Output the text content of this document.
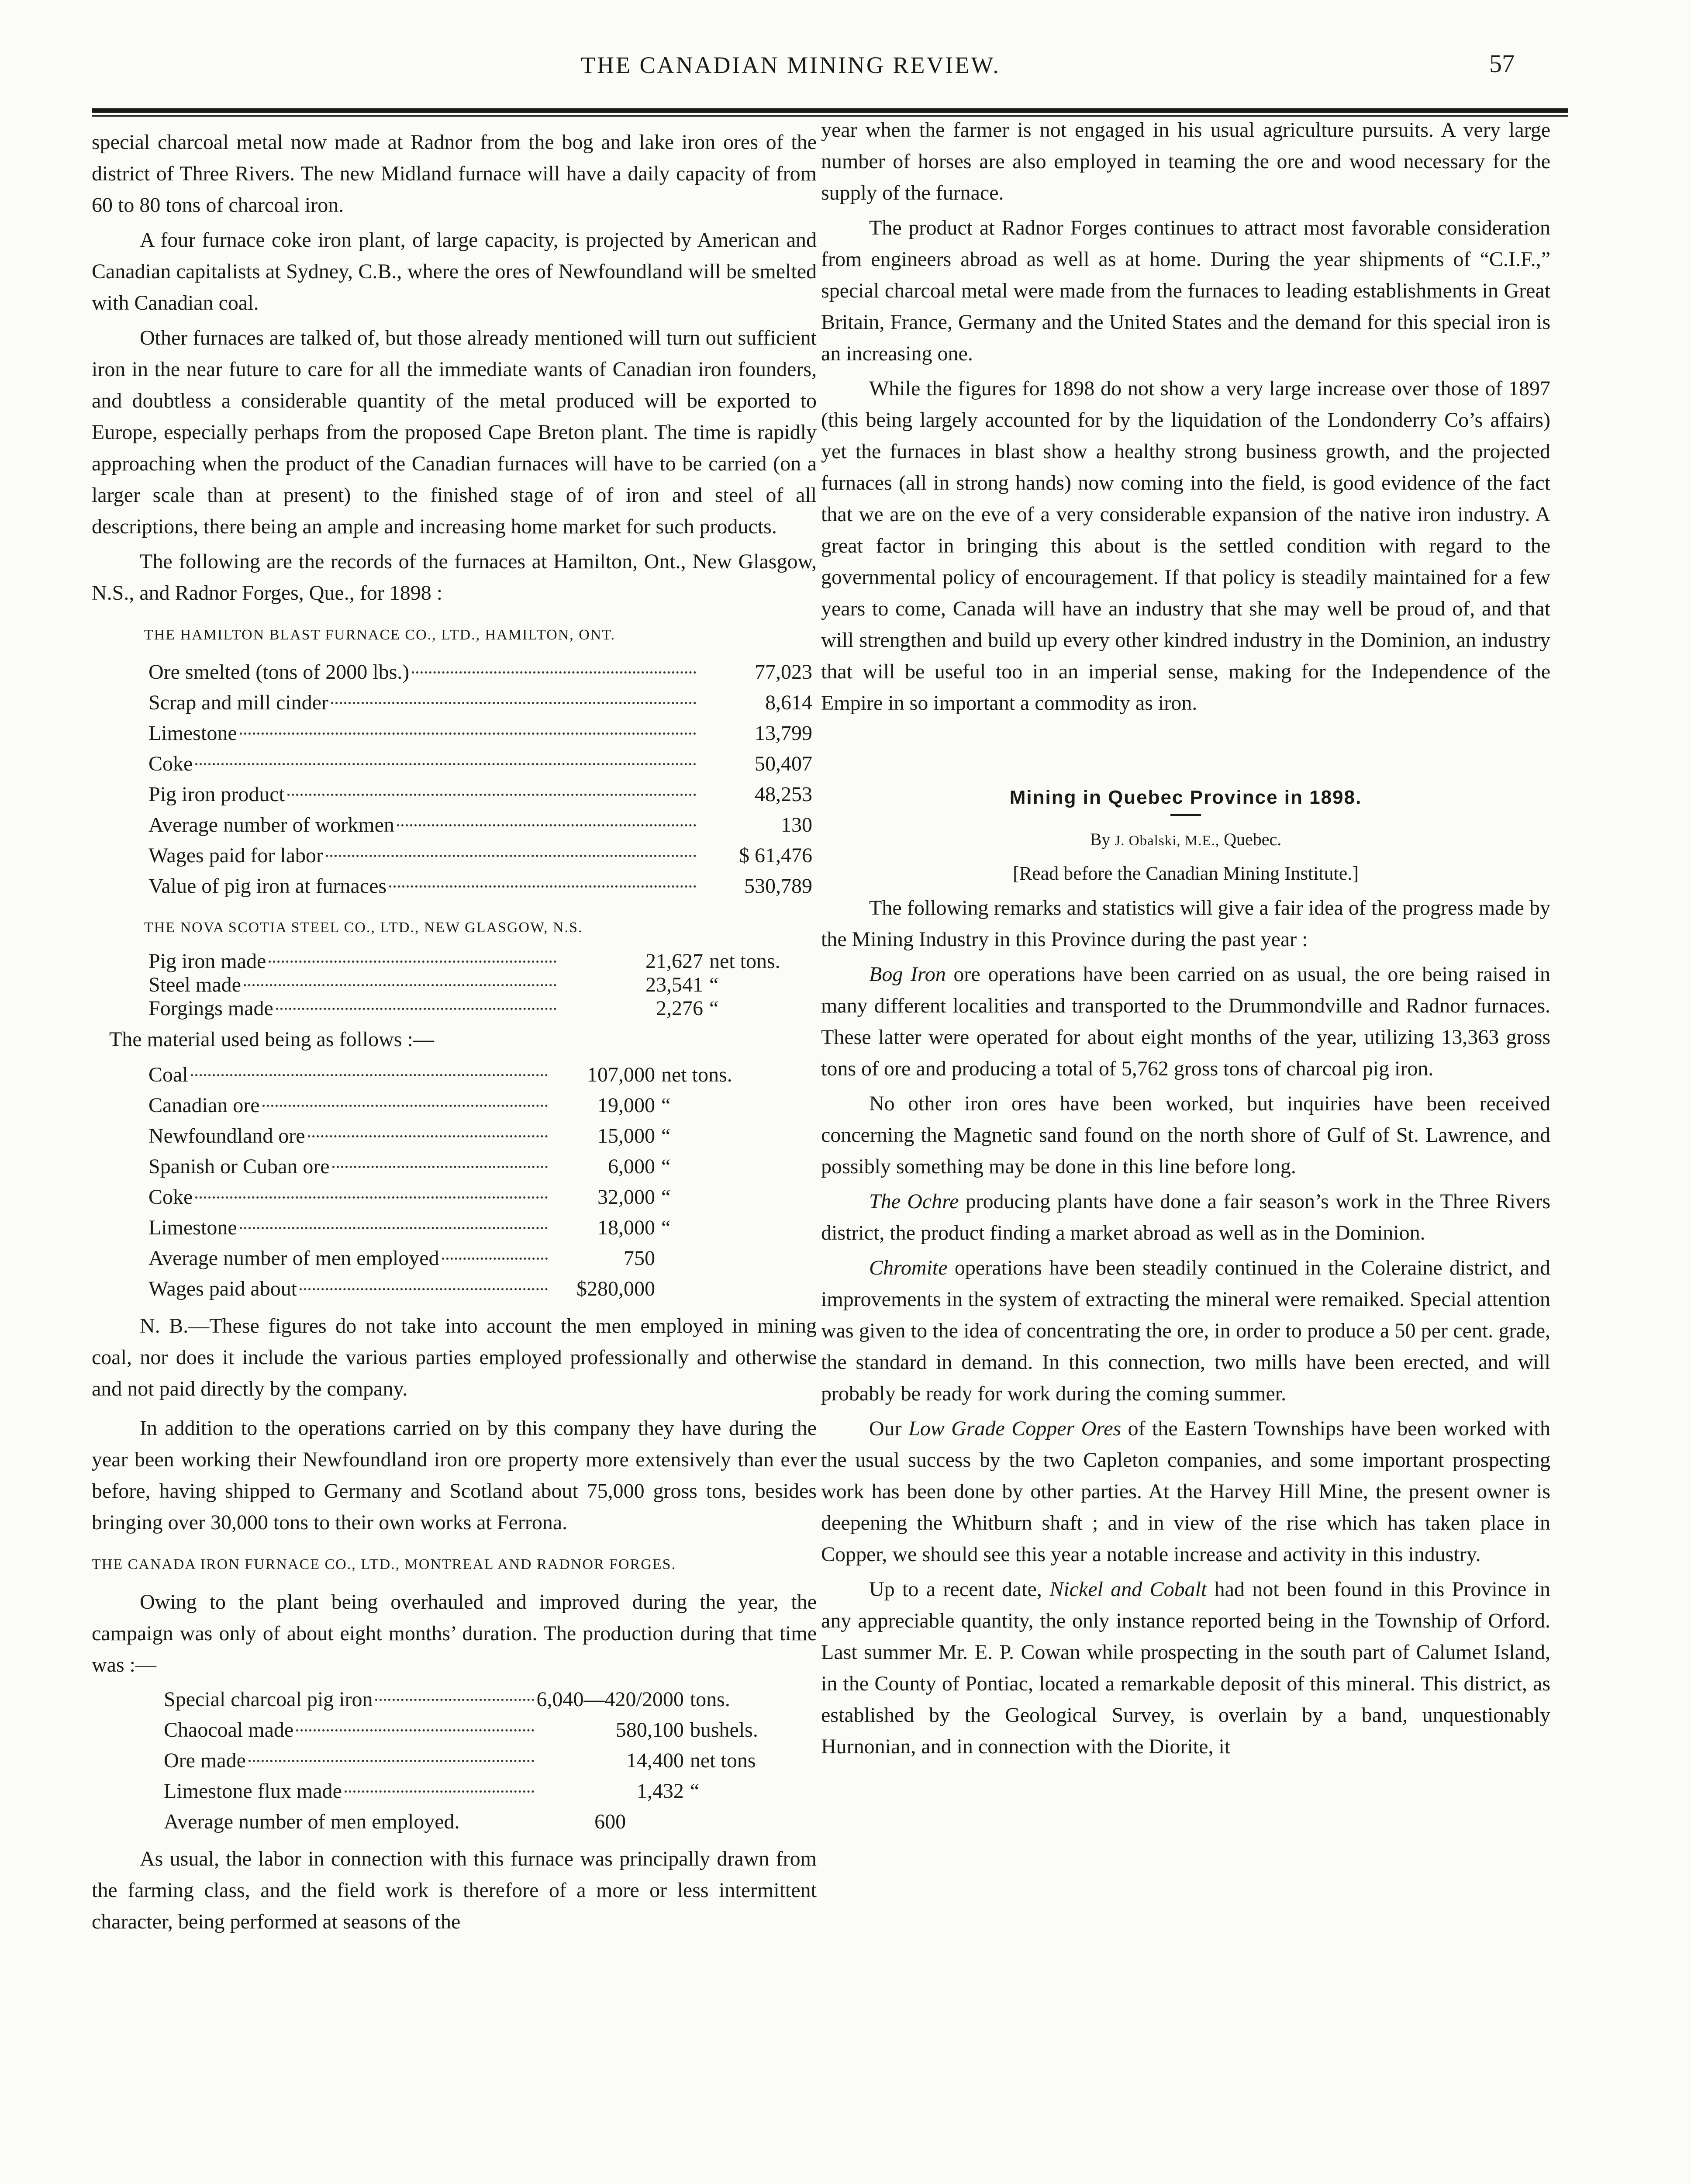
THE CANADIAN MINING REVIEW.	57

special charcoal metal now made at Radnor from the bog and lake iron ores of the district of Three Rivers. The new Midland furnace will have a daily capacity of from 60 to 80 tons of charcoal iron.

A four furnace coke iron plant, of large capacity, is projected by American and Canadian capitalists at Sydney, C.B., where the ores of Newfoundland will be smelted with Canadian coal.

Other furnaces are talked of, but those already mentioned will turn out sufficient iron in the near future to care for all the immediate wants of Canadian iron founders, and doubtless a considerable quantity of the metal produced will be exported to Europe, especially perhaps from the proposed Cape Breton plant. The time is rapidly approaching when the product of the Canadian furnaces will have to be carried (on a larger scale than at present) to the finished stage of of iron and steel of all descriptions, there being an ample and increasing home market for such products.

The following are the records of the furnaces at Hamilton, Ont., New Glasgow, N.S., and Radnor Forges, Que., for 1898 :

THE HAMILTON BLAST FURNACE CO., LTD., HAMILTON, ONT.
Ore smelted (tons of 2000 lbs.)	77,023

Scrap and mill cinder	8,614

Limestone	13,799

Coke	50,407

Pig iron product	48,253

Average number of workmen	130

Wages paid for labor	$ 61,476

Value of pig iron at furnaces	530,789
THE NOVA SCOTIA STEEL CO., LTD., NEW GLASGOW, N.S.
Pig iron made	21,627	net tons.

Steel made	23,541	“

Forgings made	2,276	“

The material used being as follows :—

Coal	107,000	net tons.

Canadian ore	19,000	“

Newfoundland ore	15,000	“

Spanish or Cuban ore	6,000	“

Coke	32,000	“

Limestone	18,000	“

Average number of men employed	750	

Wages paid about	$280,000	

N. B.—These figures do not take into account the men employed in mining coal, nor does it include the various parties employed professionally and otherwise and not paid directly by the company.

In addition to the operations carried on by this company they have during the year been working their Newfoundland iron ore property more extensively than ever before, having shipped to Germany and Scotland about 75,000 gross tons, besides bringing over 30,000 tons to their own works at Ferrona.

THE CANADA IRON FURNACE CO., LTD., MONTREAL AND RADNOR FORGES.

Owing to the plant being overhauled and improved during the year, the campaign was only of about eight months’ duration. The production during that time was :—

Special charcoal pig iron	6,040—420/2000	tons.

Chaocoal made	580,100	bushels.

Ore made	14,400	net tons

Limestone flux made	1,432	“

Average number of men employed.	600	

As usual, the labor in connection with this furnace was principally drawn from the farming class, and the field work is therefore of a more or less intermittent character, being performed at seasons of the

year when the farmer is not engaged in his usual agriculture pursuits. A very large number of horses are also employed in teaming the ore and wood necessary for the supply of the furnace.

The product at Radnor Forges continues to attract most favorable consideration from engineers abroad as well as at home. During the year shipments of “C.I.F.,” special charcoal metal were made from the furnaces to leading establishments in Great Britain, France, Germany and the United States and the demand for this special iron is an increasing one.

While the figures for 1898 do not show a very large increase over those of 1897 (this being largely accounted for by the liquidation of the Londonderry Co’s affairs) yet the furnaces in blast show a healthy strong business growth, and the projected furnaces (all in strong hands) now coming into the field, is good evidence of the fact that we are on the eve of a very considerable expansion of the native iron industry. A great factor in bringing this about is the settled condition with regard to the governmental policy of encouragement. If that policy is steadily maintained for a few years to come, Canada will have an industry that she may well be proud of, and that will strengthen and build up every other kindred industry in the Dominion, an industry that will be useful too in an imperial sense, making for the Independence of the Empire in so important a commodity as iron.

Mining in Quebec Province in 1898.
By J. Obalski, M.E., Quebec.
[Read before the Canadian Mining Institute.]

The following remarks and statistics will give a fair idea of the progress made by the Mining Industry in this Province during the past year :

Bog Iron ore operations have been carried on as usual, the ore being raised in many different localities and transported to the Drummondville and Radnor furnaces. These latter were operated for about eight months of the year, utilizing 13,363 gross tons of ore and producing a total of 5,762 gross tons of charcoal pig iron.

No other iron ores have been worked, but inquiries have been received concerning the Magnetic sand found on the north shore of Gulf of St. Lawrence, and possibly something may be done in this line before long.

The Ochre producing plants have done a fair season’s work in the Three Rivers district, the product finding a market abroad as well as in the Dominion.

Chromite operations have been steadily continued in the Coleraine district, and improvements in the system of extracting the mineral were remaiked. Special attention was given to the idea of concentrating the ore, in order to produce a 50 per cent. grade, the standard in demand. In this connection, two mills have been erected, and will probably be ready for work during the coming summer.

Our Low Grade Copper Ores of the Eastern Townships have been worked with the usual success by the two Capleton companies, and some important prospecting work has been done by other parties. At the Harvey Hill Mine, the present owner is deepening the Whitburn shaft ; and in view of the rise which has taken place in Copper, we should see this year a notable increase and activity in this industry.

Up to a recent date, Nickel and Cobalt had not been found in this Province in any appreciable quantity, the only instance reported being in the Township of Orford. Last summer Mr. E. P. Cowan while prospecting in the south part of Calumet Island, in the County of Pontiac, located a remarkable deposit of this mineral. This district, as established by the Geological Survey, is overlain by a band, unquestionably Hurnonian, and in connection with the Diorite, it
